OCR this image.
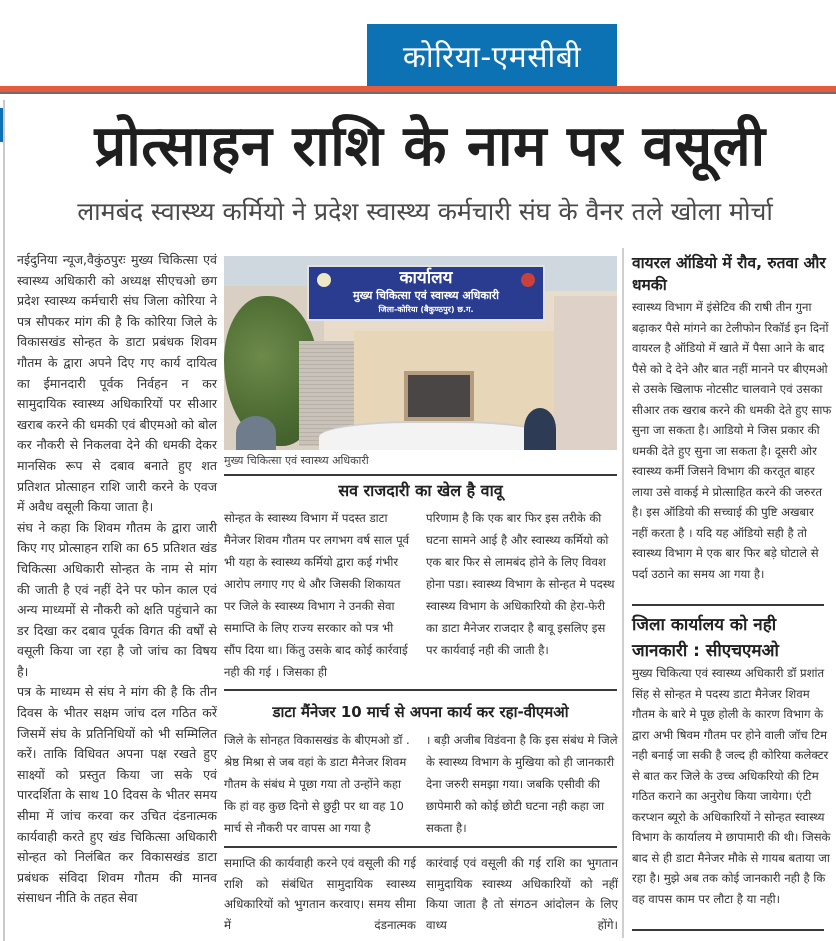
कोरिया-एमसीबी
प्रोत्साहन राशि के नाम पर वसूली
लामबंद स्वास्थ्य कर्मियो ने प्रदेश स्वास्थ्य कर्मचारी संघ के वैनर तले खोला मोर्चा

नईदुनिया न्यूज,वैकुंठपुरः मुख्य चिकित्सा एवं स्वास्थ्य अधिकारी को अध्यक्ष सीएचओ छग प्रदेश स्वास्थ्य कर्मचारी संघ जिला कोरिया ने पत्र सौपकर मांग की है कि कोरिया जिले के विकासखंड सोन्हत के डाटा प्रबंधक शिवम गौतम के द्वारा अपने दिए गए कार्य दायित्व का ईमानदारी पूर्वक निर्वहन न कर सामुदायिक स्वास्थ्य अधिकारियों पर सीआर खराब करने की धमकी एवं बीएमओ को बोल कर नौकरी से निकलवा देने की धमकी देकर मानसिक रूप से दबाव बनाते हुए शत प्रतिशत प्रोत्साहन राशि जारी करने के एवज में अवैध वसूली किया जाता है।

संघ ने कहा कि शिवम गौतम के द्वारा जारी किए गए प्रोत्साहन राशि का 65 प्रतिशत खंड चिकित्सा अधिकारी सोन्हत के नाम से मांग की जाती है एवं नहीं देने पर फोन काल एवं अन्य माध्यमों से नौकरी को क्षति पहुंचाने का डर दिखा कर दबाव पूर्वक विगत की वर्षों से वसूली किया जा रहा है जो जांच का विषय है।

पत्र के माध्यम से संघ ने मांग की है कि तीन दिवस के भीतर सक्षम जांच दल गठित करें जिसमें संघ के प्रतिनिधियों को भी सम्मिलित करें। ताकि विधिवत अपना पक्ष रखते हुए साक्ष्यों को प्रस्तुत किया जा सके एवं पारदर्शिता के साथ 10 दिवस के भीतर समय सीमा में जांच करवा कर उचित दंडनात्मक कार्यवाही करते हुए खंड चिकित्सा अधिकारी सोन्हत को निलंबित कर विकासखंड डाटा प्रबंधक संविदा शिवम गौतम की मानव संसाधन नीति के तहत सेवा

कार्यालय
मुख्य चिकित्सा एवं स्वास्थ्य अधिकारी
जिला-कोरिया (बैकुण्ठपुर) छ.ग.
मुख्य चिकित्सा एवं स्वास्थ्य अधिकारी
सव राजदारी का खेल है वावू
सोन्हत के स्वास्थ्य विभाग में पदस्त डाटा मैनेजर शिवम गौतम पर लगभग वर्ष साल पूर्व भी यहा के स्वास्थ्य कर्मियो द्वारा कई गंभीर आरोप लगाए गए थे और जिसकी शिकायत पर जिले के स्वास्थ्य विभाग ने उनकी सेवा समाप्ति के लिए राज्य सरकार को पत्र भी सौंप दिया था। किंतु उसके बाद कोई कार्रवाई नही की गई । जिसका ही
परिणाम है कि एक बार फिर इस तरीके की घटना सामने आई है और स्वास्थ्य कर्मियो को एक बार फिर से लामबंद होने के लिए विवश होना पडा। स्वास्थ्य विभाग के सोन्हत मे पदस्थ स्वास्थ्य विभाग के अधिकारियो की हेरा-फेरी का डाटा मैनेजर राजदार है बावू इसलिए इस पर कार्यवाई नही की जाती है।
डाटा मैंनेजर 10 मार्च से अपना कार्य कर रहा-वीएमओ
जिले के सोनहत विकासखंड के बीएमओ डॉ . श्रेष्ठ मिश्रा से जब वहां के डाटा मैनेजर शिवम गौतम के संबंध मे पूछा गया तो उन्होंने कहा कि हां वह कुछ दिनो से छुट्टी पर था वह 10 मार्च से नौकरी पर वापस आ गया है
। बड़ी अजीब विडंवना है कि इस संबंध मे जिले के स्वास्थ्य विभाग के मुखिया को ही जानकारी देना जरुरी समझा गया। जबकि एसीवी की छापेमारी को कोई छोटी घटना नही कहा जा सकता है।
समाप्ति की कार्यवाही करने एवं वसूली की गई राशि को संबंधित सामुदायिक स्वास्थ्य अधिकारियों को भुगतान करवाए। समय सीमा में दंडनात्मक
कारंवाई एवं वसूली की गई राशि का भुगतान सामुदायिक स्वास्थ्य अधिकारियों को नहीं किया जाता है तो संगठन आंदोलन के लिए वाध्य होंगे।
वायरल ऑडियो में रौव, रुतवा और धमकी
स्वास्थ्य विभाग में इंसेटिव की राषी तीन गुना बढ़ाकर पैसे मांगने का टेलीफोन रिकॉर्ड इन दिनों वायरल है ऑडियो में खाते में पैसा आने के बाद पैसे को दे देने और बात नहीं मानने पर बीएमओ से उसके खिलाफ नोटसीट चालवाने एवं उसका सीआर तक खराब करने की धमकी देते हुए साफ सुना जा सकता है। आडियो मे जिस प्रकार की धमकी देते हुए सुना जा सकता है। दूसरी ओर स्वास्थ्य कर्मी जिसने विभाग की करतूत बाहर लाया उसे वाकई मे प्रोत्साहित करने की जरुरत है। इस ऑडियो की सच्चाई की पुष्टि अखबार नहीं करता है । यदि यह ऑडियो सही है तो स्वास्थ्य विभाग मे एक बार फिर बड़े घोटाले से पर्दा उठाने का समय आ गया है।
जिला कार्यालय को नही जानकारी : सीएचएमओ
मुख्य चिकित्या एवं स्वास्थ्य अधिकारी डॉ प्रशांत सिंह से सोन्हत मे पदस्य डाटा मैनेजर शिवम गौतम के बारे मे पूछ होली के कारण विभाग के द्वारा अभी षिवम गौतम पर होने वाली जॉच टिम नही बनाई जा सकी है जल्द ही कोरिया कलेक्टर से बात कर जिले के उच्च अधिकरियो की टिम गठित कराने का अनुरोध किया जायेगा। एंटी करप्शन ब्यूरो के अधिकारियों ने सोन्हत स्वास्थ्य विभाग के कार्यालय मे छापामारी की थी। जिसके बाद से ही डाटा मैनेजर मौके से गायब बताया जा रहा है। मुझे अब तक कोई जानकारी नही है कि वह वापस काम पर लौटा है या नही।
